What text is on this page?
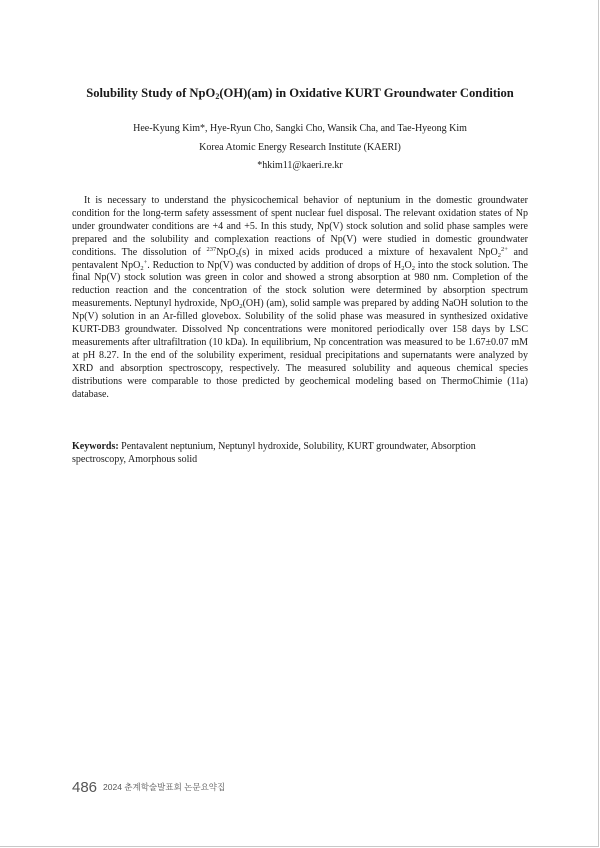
Solubility Study of NpO$_2$(OH)(am) in Oxidative KURT Groundwater Condition
Hee-Kyung Kim*, Hye-Ryun Cho, Sangki Cho, Wansik Cha, and Tae-Hyeong Kim
Korea Atomic Energy Research Institute (KAERI)
*hkim11@kaeri.re.kr

It is necessary to understand the physicochemical behavior of neptunium in the domestic groundwater condition for the long-term safety assessment of spent nuclear fuel disposal. The relevant oxidation states of Np under groundwater conditions are +4 and +5. In this study, Np(V) stock solution and solid phase samples were prepared and the solubility and complexation reactions of Np(V) were studied in domestic groundwater conditions. The dissolution of $^{237}$NpO$_2$(s) in mixed acids produced a mixture of hexavalent NpO$_2^{2+}$ and pentavalent NpO$_2$+. Reduction to Np(V) was conducted by addition of drops of $H_2O_2$ into the stock solution. The final Np(V) stock solution was green in color and showed a strong absorption at 980 nm. Completion of the reduction reaction and the concentration of the stock solution were determined by absorption spectrum measurements. Neptunyl hydroxide, NpO$_2$(OH) (am), solid sample was prepared by adding NaOH solution to the Np(V) solution in an Ar-filled glovebox. Solubility of the solid phase was measured in synthesized oxidative KURT-DB3 groundwater. Dissolved Np concentrations were monitored periodically over 158 days by LSC measurements after ultrafiltration (10 kDa). In equilibrium, Np concentration was measured to be 1.67±0.07 mM at pH 8.27. In the end of the solubility experiment, residual precipitations and supernatants were analyzed by XRD and absorption spectroscopy, respectively. The measured solubility and aqueous chemical species distributions were comparable to those predicted by geochemical modeling based on ThermoChimie (11a) database.

Keywords: Pentavalent neptunium, Neptunyl hydroxide, Solubility, KURT groundwater, Absorption spectroscopy, Amorphous solid

486 2024 춘계학술발표회 논문요약집
